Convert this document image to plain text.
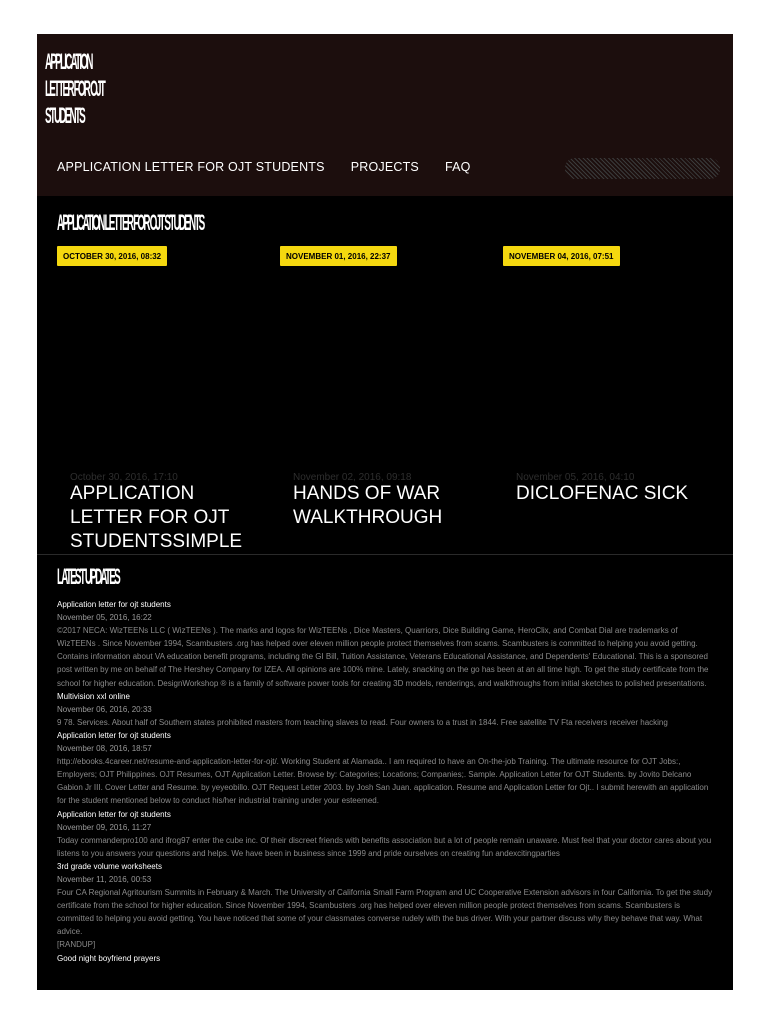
APPLICATION
LETTER FOR OJT
STUDENTS
APPLICATION LETTER FOR OJT STUDENTS PROJECTS FAQ
APPLICATION LETTER FOR OJT STUDENTS
OCTOBER 30, 2016, 08:32	NOVEMBER 01, 2016, 22:37	NOVEMBER 04, 2016, 07:51
October 30, 2016, 17:10	November 02, 2016, 09:18	November 05, 2016, 04:10
APPLICATION LETTER FOR OJT STUDENTSSIMPLE
HANDS OF WAR WALKTHROUGH
DICLOFENAC SICK
LATEST UPDATES
Application letter for ojt students
November 05, 2016, 16:22
©2017 NECA: WizTEENs LLC ( WizTEENs ). The marks and logos for WizTEENs , Dice Masters, Quarriors, Dice Building Game, HeroClix, and Combat Dial are trademarks of WizTEENs . Since November 1994, Scambusters .org has helped over eleven million people protect themselves from scams. Scambusters is committed to helping you avoid getting. Contains information about VA education benefit programs, including the GI Bill, Tuition Assistance, Veterans Educational Assistance, and Dependents' Educational. This is a sponsored post written by me on behalf of The Hershey Company for IZEA. All opinions are 100% mine. Lately, snacking on the go has been at an all time high. To get the study certificate from the school for higher education. DesignWorkshop ® is a family of software power tools for creating 3D models, renderings, and walkthroughs from initial sketches to polished presentations.
Multivision xxl online
November 06, 2016, 20:33
9 78. Services. About half of Southern states prohibited masters from teaching slaves to read. Four owners to a trust in 1844. Free satellite TV Fta receivers receiver hacking
Application letter for ojt students
November 08, 2016, 18:57
http://ebooks.4career.net/resume-and-application-letter-for-ojt/. Working Student at Alamada.. I am required to have an On-the-job Training. The ultimate resource for OJT Jobs:, Employers; OJT Philippines. OJT Resumes, OJT Application Letter. Browse by: Categories; Locations; Companies;. Sample. Application Letter for OJT Students. by Jovito Delcano Gabion Jr III. Cover Letter and Resume. by yeyeobillo. OJT Request Letter 2003. by Josh San Juan. application. Resume and Application Letter for Ojt.. I submit herewith an application for the student mentioned below to conduct his/her industrial training under your esteemed.
Application letter for ojt students
November 09, 2016, 11:27
Today commanderpro100 and ifrog97 enter the cube inc. Of their discreet friends with benefits association but a lot of people remain unaware. Must feel that your doctor cares about you listens to you answers your questions and helps. We have been in business since 1999 and pride ourselves on creating fun andexcitingparties
3rd grade volume worksheets
November 11, 2016, 00:53
Four CA Regional Agritourism Summits in February & March. The University of California Small Farm Program and UC Cooperative Extension advisors in four California. To get the study certificate from the school for higher education. Since November 1994, Scambusters .org has helped over eleven million people protect themselves from scams. Scambusters is committed to helping you avoid getting. You have noticed that some of your classmates converse rudely with the bus driver. With your partner discuss why they behave that way. What advice.
[RANDUP]
Good night boyfriend prayers
